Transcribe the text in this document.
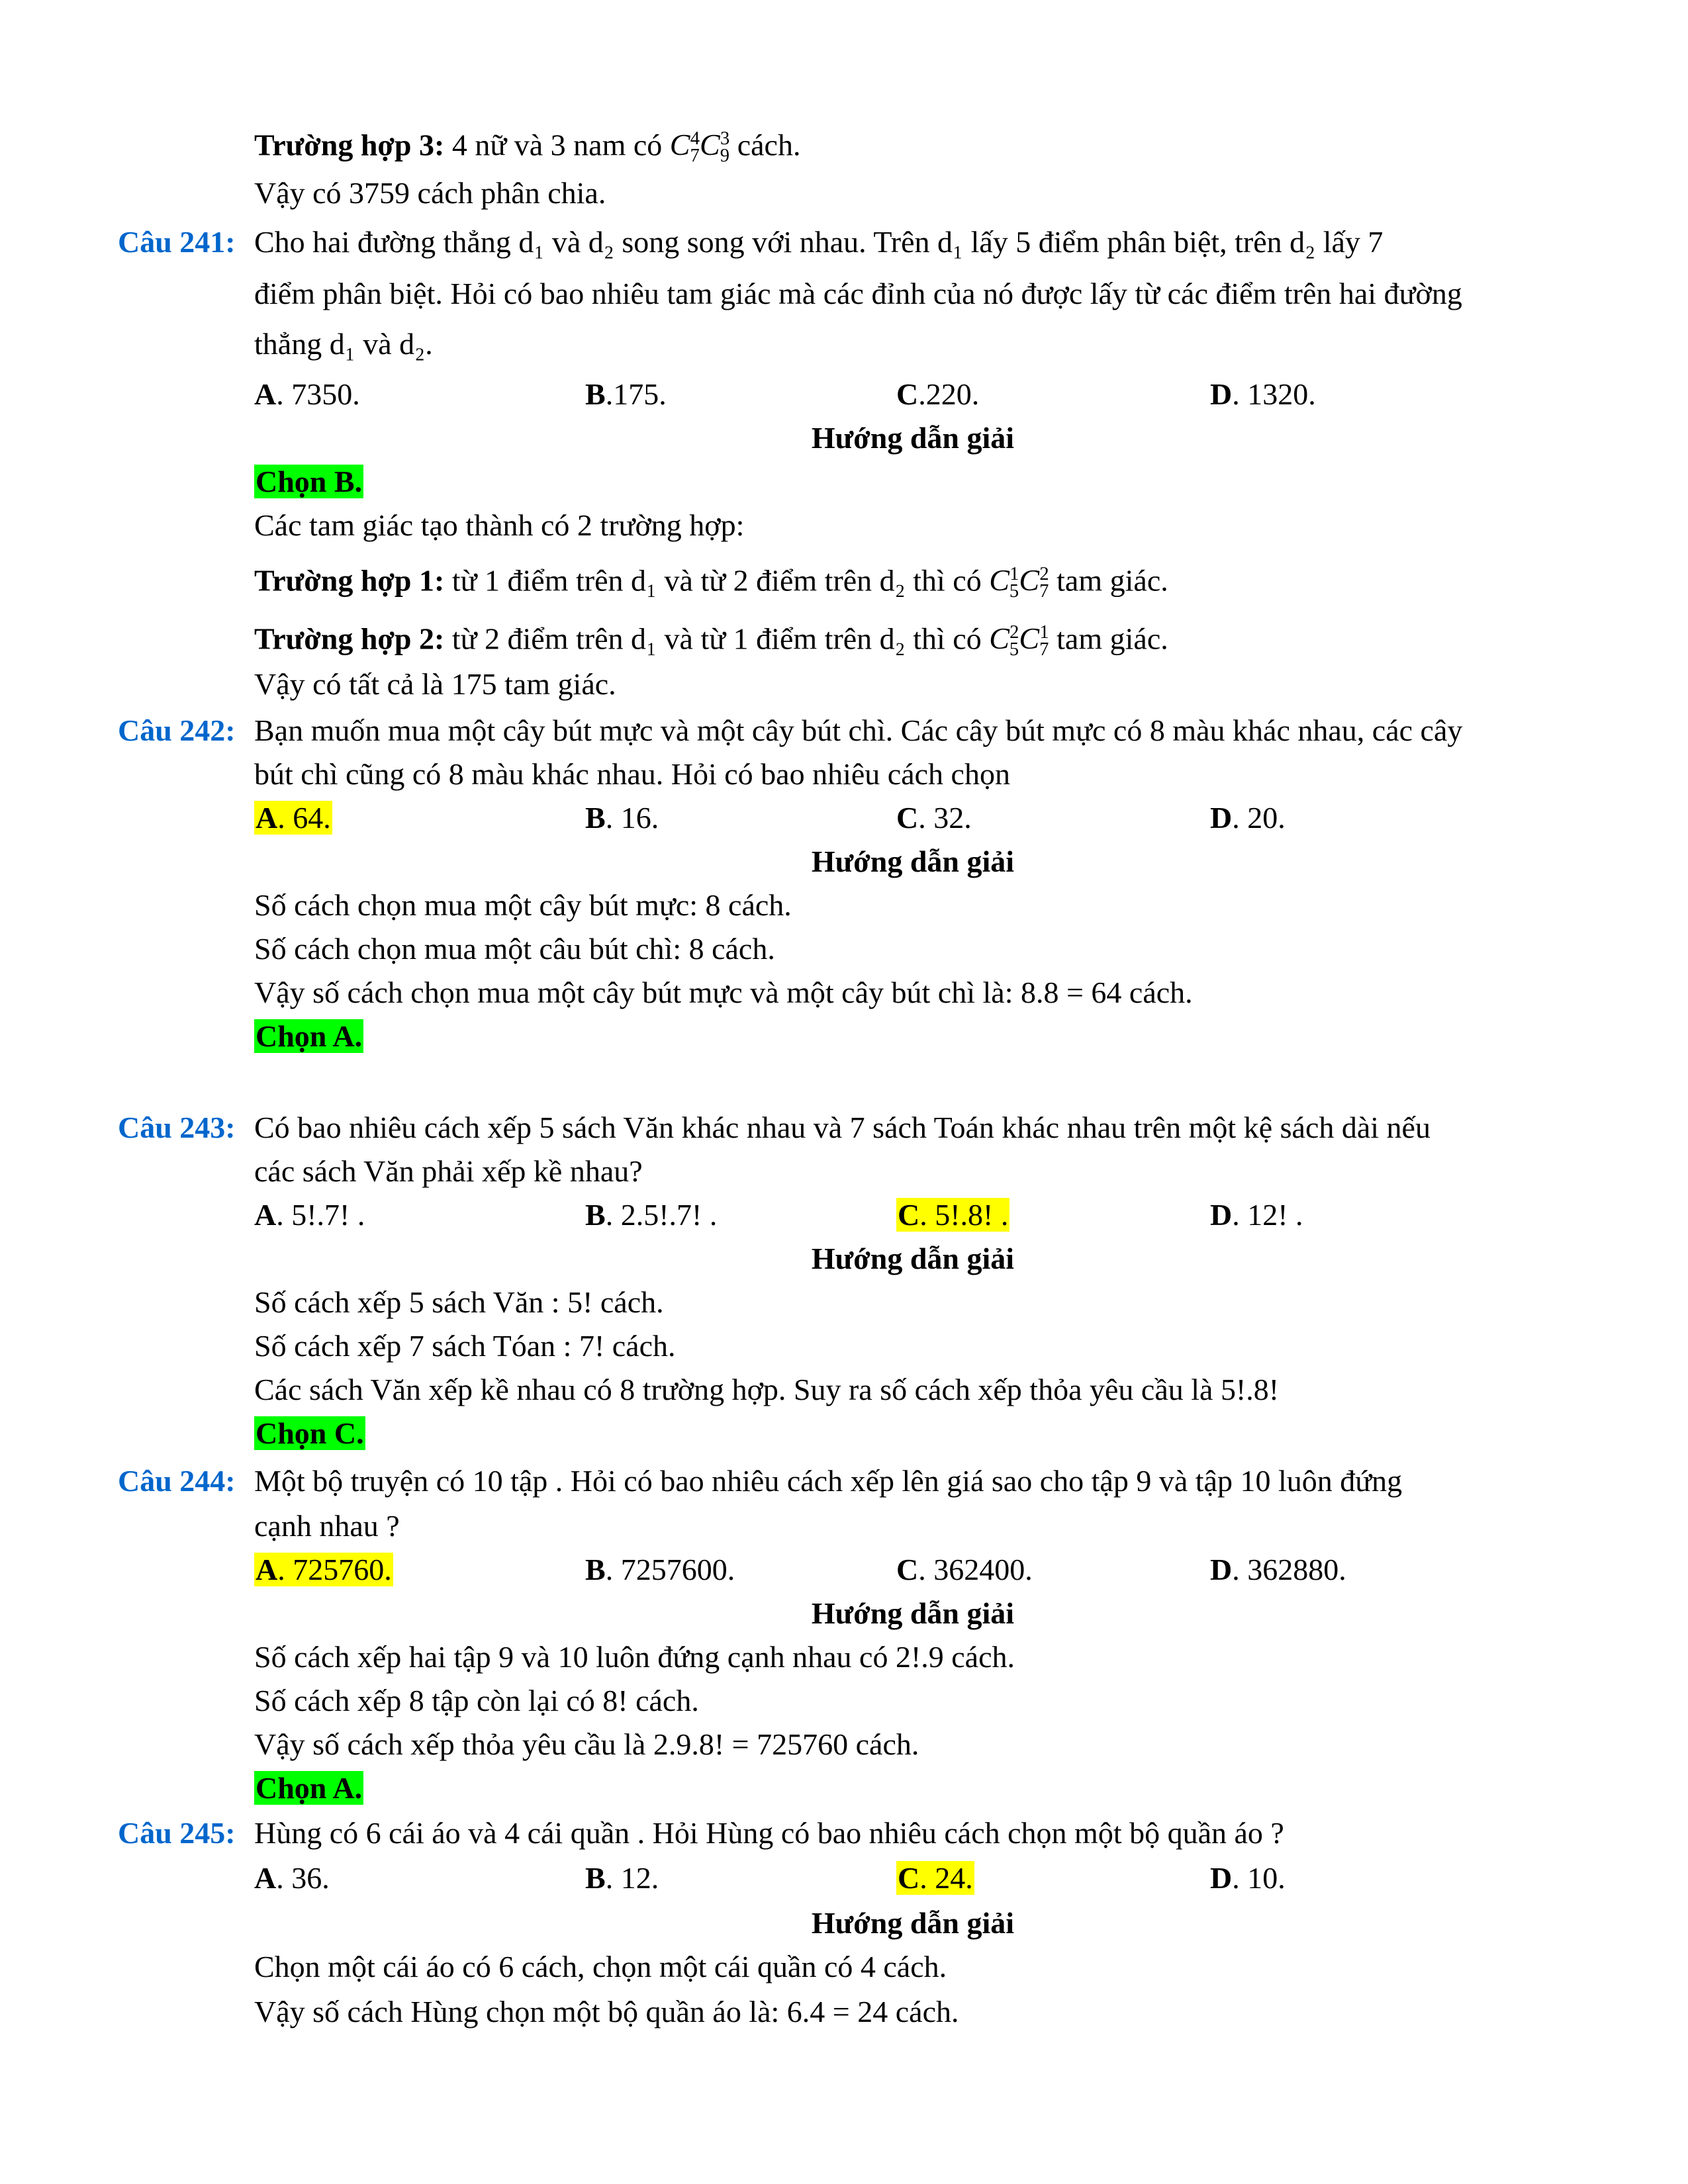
Trường hợp 3: 4 nữ và 3 nam có $C_7^4C_9^3$ cách.
Vậy có 3759 cách phân chia.
Câu 241: Cho hai đường thẳng d₁ và d₂ song song với nhau. Trên d₁ lấy 5 điểm phân biệt, trên d₂ lấy 7
điểm phân biệt. Hỏi có bao nhiêu tam giác mà các đỉnh của nó được lấy từ các điểm trên hai đường
thẳng d₁ và d₂.
A. 7350.	B.175.	C.220.	D. 1320.
Hướng dẫn giải
Chọn B.
Các tam giác tạo thành có 2 trường hợp:
Trường hợp 1: từ 1 điểm trên d₁ và từ 2 điểm trên d₂ thì có $C_5^1C_7^2$ tam giác.
Trường hợp 2: từ 2 điểm trên d₁ và từ 1 điểm trên d₂ thì có $C_5^2C_7^1$ tam giác.
Vậy có tất cả là 175 tam giác.
Câu 242: Bạn muốn mua một cây bút mực và một cây bút chì. Các cây bút mực có 8 màu khác nhau, các cây
bút chì cũng có 8 màu khác nhau. Hỏi có bao nhiêu cách chọn
A. 64.	B. 16.	C. 32.	D. 20.
Hướng dẫn giải
Số cách chọn mua một cây bút mực: 8 cách.
Số cách chọn mua một câu bút chì: 8 cách.
Vậy số cách chọn mua một cây bút mực và một cây bút chì là: 8.8 = 64 cách.
Chọn A.
Câu 243: Có bao nhiêu cách xếp 5 sách Văn khác nhau và 7 sách Toán khác nhau trên một kệ sách dài nếu
các sách Văn phải xếp kề nhau?
A. 5!.7! .	B. 2.5!.7! .	C. 5!.8! .	D. 12! .
Hướng dẫn giải
Số cách xếp 5 sách Văn : 5! cách.
Số cách xếp 7 sách Tóan : 7! cách.
Các sách Văn xếp kề nhau có 8 trường hợp. Suy ra số cách xếp thỏa yêu cầu là 5!.8!
Chọn C.
Câu 244: Một bộ truyện có 10 tập . Hỏi có bao nhiêu cách xếp lên giá sao cho tập 9 và tập 10 luôn đứng
cạnh nhau ?
A. 725760.	B. 7257600.	C. 362400.	D. 362880.
Hướng dẫn giải
Số cách xếp hai tập 9 và 10 luôn đứng cạnh nhau có 2!.9 cách.
Số cách xếp 8 tập còn lại có 8! cách.
Vậy số cách xếp thỏa yêu cầu là 2.9.8! = 725760 cách.
Chọn A.
Câu 245: Hùng có 6 cái áo và 4 cái quần . Hỏi Hùng có bao nhiêu cách chọn một bộ quần áo ?
A. 36.	B. 12.	C. 24.	D. 10.
Hướng dẫn giải
Chọn một cái áo có 6 cách, chọn một cái quần có 4 cách.
Vậy số cách Hùng chọn một bộ quần áo là: 6.4 = 24 cách.
